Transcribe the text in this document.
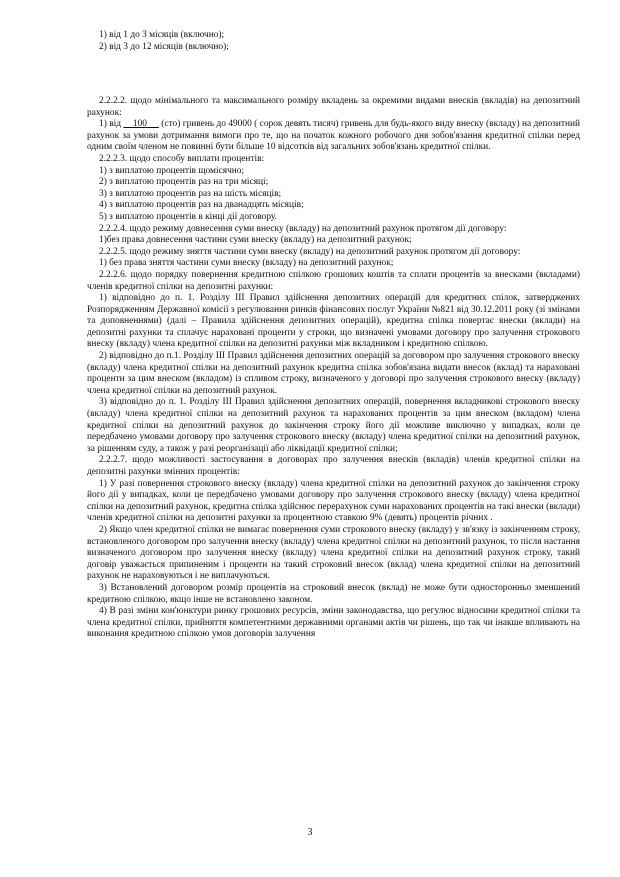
1) від 1 до 3 місяців (включно);

2) від 3 до 12 місяців (включно);

2.2.2.2. щодо мінімального та максимального розміру вкладень за окремими видами внесків (вкладів) на депозитний рахунок:

1) від     100      (сто) гривень до 49000 ( сорок девять тисяч) гривень для будь-якого виду внеску (вкладу) на депозитний рахунок за умови дотримання вимоги про те, що на початок кожного робочого дня зобов'язання кредитної спілки перед одним своїм членом не повинні бути більше 10 відсотків від загальних зобов'язань кредитної спілки.

2.2.2.3. щодо способу виплати процентів:

1) з виплатою процентів щомісячно;

2) з виплатою процентів раз на три місяці;

3) з виплатою процентів раз на шість місяців;

4) з виплатою процентів раз на дванадцять місяців;

5) з виплатою процентів в кінці дії договору.

2.2.2.4. щодо режиму довнесення суми внеску (вкладу) на депозитний рахунок протягом дії договору:

1)без права довнесення частини суми внеску (вкладу) на депозитний рахунок;

2.2.2.5. щодо режиму зняття частини суми внеску (вкладу) на депозитний рахунок протягом дії договору:

1) без права зняття частини суми внеску (вкладу) на депозитний рахунок;

2.2.2.6. щодо порядку повернення кредитною спілкою грошових коштів та сплати процентів за внесками (вкладами) членів кредитної спілки на депозитні рахунки:

1) відповідно до п. 1. Розділу ІІІ Правил здійснення депозитних операцій для кредитних спілок, затверджених Розпорядженням Державної комісії з регулювання ринків фінансових послуг України №821 від 30.12.2011 року (зі змінами та доповненнями) (далі – Правила здійснення депозитних операцій), кредитна спілка повертає внески (вклади) на депозитні рахунки та сплачує нараховані проценти у строки, що визначені умовами договору про залучення строкового внеску (вкладу) члена кредитної спілки на депозитні рахунки між вкладником і кредитною спілкою.

2) відповідно до п.1. Розділу ІІІ Правил здійснення депозитних операцій за договором про залучення строкового внеску (вкладу) члена кредитної спілки на депозитний рахунок кредитна спілка зобов'язана видати внесок (вклад) та нараховані проценти за цим внеском (вкладом) із спливом строку, визначеного у договорі про залучення строкового внеску (вкладу) члена кредитної спілки на депозитний рахунок.

3) відповідно до п. 1. Розділу ІІІ Правил здійснення депозитних операцій, повернення вкладникові строкового внеску (вкладу) члена кредитної спілки на депозитний рахунок та нарахованих процентів за цим внеском (вкладом) члена кредитної спілки на депозитний рахунок до закінчення строку його дії можливе виключно у випадках, коли це передбачено умовами договору про залучення строкового внеску (вкладу) члена кредитної спілки на депозитний рахунок, за рішенням суду, а також у разі реорганізації або ліквідації кредитної спілки;

2.2.2.7. щодо можливості застосування в договорах про залучення внесків (вкладів) членів кредитної спілки на депозитні рахунки змінних процентів:

1) У разі повернення строкового внеску (вкладу) члена кредитної спілки на депозитний рахунок до закінчення строку його дії у випадках, коли це передбачено умовами договору про залучення строкового внеску (вкладу) члена кредитної спілки на депозитний рахунок, кредитна спілка здійснює перерахунок суми нарахованих процентів на такі внески (вклади) членів кредитної спілки на депозитні рахунки за процентною ставкою 9% (девять) процентів річних .

2) Якщо член кредитної спілки не вимагає повернення суми строкового внеску (вкладу) у зв'язку із закінченням строку, встановленого договором про залучення внеску (вкладу) члена кредитної спілки на депозитний рахунок, то після настання визначеного договором про залучення внеску (вкладу) члена кредитної спілки на депозитний рахунок строку, такий договір уважається припиненим і проценти на такий строковий внесок (вклад) члена кредитної спілки на депозитний рахунок не нараховуються і не виплачуються.

3) Встановлений договором розмір процентів на строковий внесок (вклад) не може бути односторонньо зменшений кредитною спілкою, якщо інше не встановлено законом.

4) В разі зміни кон'юнктури ринку грошових ресурсів, зміни законодавства, що регулює відносини кредитної спілки та члена кредитної спілки, прийняття компетентними державними органами актів чи рішень, що так чи інакше впливають на виконання кредитною спілкою умов договорів залучення

3
